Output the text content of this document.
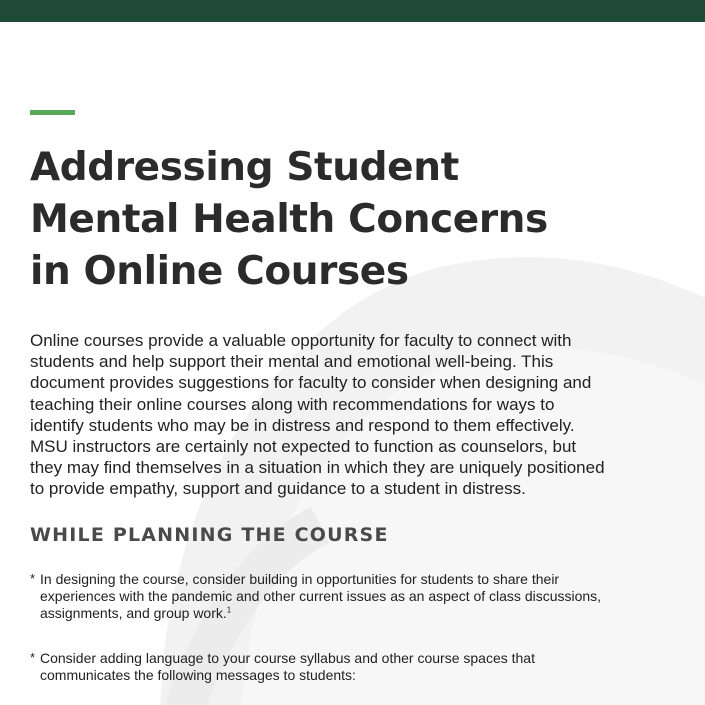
Addressing Student
Mental Health Concerns
in Online Courses

Online courses provide a valuable opportunity for faculty to connect with
students and help support their mental and emotional well-being. This
document provides suggestions for faculty to consider when designing and
teaching their online courses along with recommendations for ways to
identify students who may be in distress and respond to them effectively.
MSU instructors are certainly not expected to function as counselors, but
they may find themselves in a situation in which they are uniquely positioned
to provide empathy, support and guidance to a student in distress.

WHILE PLANNING THE COURSE
* In designing the course, consider building in opportunities for students to share their
experiences with the pandemic and other current issues as an aspect of class discussions,
assignments, and group work.$^1$
* Consider adding language to your course syllabus and other course spaces that
communicates the following messages to students:
